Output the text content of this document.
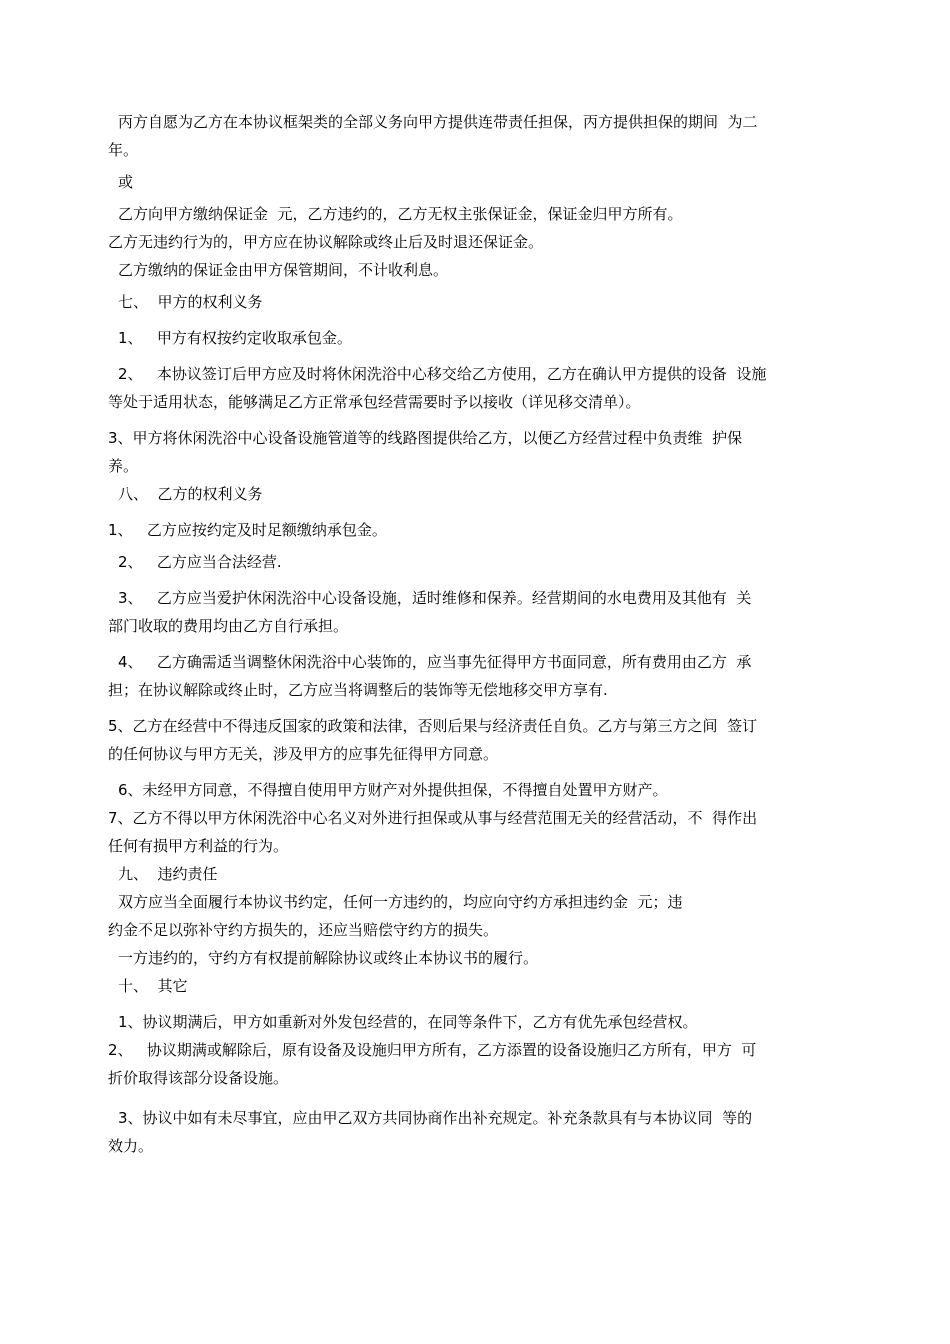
丙方自愿为乙方在本协议框架类的全部义务向甲方提供连带责任担保，丙方提供担保的期间  为二
年。
或
乙方向甲方缴纳保证金  元，乙方违约的，乙方无权主张保证金，保证金归甲方所有。
乙方无违约行为的，甲方应在协议解除或终止后及时退还保证金。
乙方缴纳的保证金由甲方保管期间，不计收利息。
七、  甲方的权利义务
1、   甲方有权按约定收取承包金。
2、   本协议签订后甲方应及时将休闲洗浴中心移交给乙方使用，乙方在确认甲方提供的设备  设施
等处于适用状态，能够满足乙方正常承包经营需要时予以接收（详见移交清单）。
3、甲方将休闲洗浴中心设备设施管道等的线路图提供给乙方，以便乙方经营过程中负责维  护保
养。
八、  乙方的权利义务
1、   乙方应按约定及时足额缴纳承包金。
2、   乙方应当合法经营.
3、   乙方应当爱护休闲洗浴中心设备设施，适时维修和保养。经营期间的水电费用及其他有  关
部门收取的费用均由乙方自行承担。
4、   乙方确需适当调整休闲洗浴中心装饰的，应当事先征得甲方书面同意，所有费用由乙方  承
担；在协议解除或终止时，乙方应当将调整后的装饰等无偿地移交甲方享有.
5、乙方在经营中不得违反国家的政策和法律，否则后果与经济责任自负。乙方与第三方之间  签订
的任何协议与甲方无关，涉及甲方的应事先征得甲方同意。
6、未经甲方同意，不得擅自使用甲方财产对外提供担保，不得擅自处置甲方财产。
7、乙方不得以甲方休闲洗浴中心名义对外进行担保或从事与经营范围无关的经营活动，不  得作出
任何有损甲方利益的行为。
九、  违约责任
双方应当全面履行本协议书约定，任何一方违约的，均应向守约方承担违约金  元；违
约金不足以弥补守约方损失的，还应当赔偿守约方的损失。
一方违约的，守约方有权提前解除协议或终止本协议书的履行。
十、  其它
1、协议期满后，甲方如重新对外发包经营的，在同等条件下，乙方有优先承包经营权。
2、   协议期满或解除后，原有设备及设施归甲方所有，乙方添置的设备设施归乙方所有，甲方  可
折价取得该部分设备设施。
3、协议中如有未尽事宜，应由甲乙双方共同协商作出补充规定。补充条款具有与本协议同  等的
效力。
